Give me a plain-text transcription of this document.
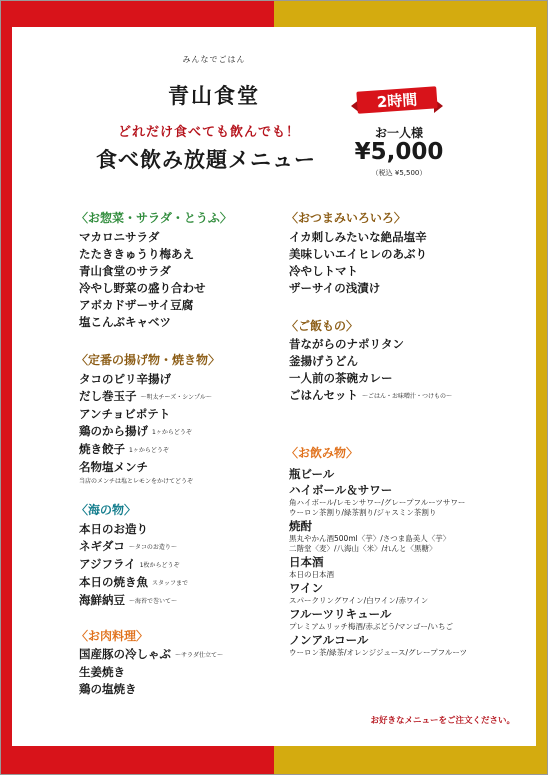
みんなでごはん
青山食堂
どれだけ食べても飲んでも！
食べ飲み放題メニュー
2時間
お一人様
¥5,000
（税込 ¥5,500）
〈お惣菜・サラダ・とうふ〉
マカロニサラダ
たたききゅうり梅あえ
青山食堂のサラダ
冷やし野菜の盛り合わせ
アボカドザーサイ豆腐
塩こんぶキャベツ
〈定番の揚げ物・焼き物〉
タコのピリ辛揚げ
だし巻玉子 〜明太チーズ・シンプル〜
アンチョビポテト
鶏のから揚げ 1ヶからどうぞ
焼き餃子 1ヶからどうぞ
名物塩メンチ
当店のメンチは塩とレモンをかけてどうぞ
〈海の物〉
本日のお造り
ネギダコ 〜タコのお造り〜
アジフライ 1枚からどうぞ
本日の焼き魚 スタッフまで
海鮮納豆 〜海苔で巻いて〜
〈お肉料理〉
国産豚の冷しゃぶ 〜サラダ仕立て〜
生姜焼き
鶏の塩焼き
〈おつまみいろいろ〉
イカ刺しみたいな絶品塩辛
美味しいエイヒレのあぶり
冷やしトマト
ザーサイの浅漬け
〈ご飯もの〉
昔ながらのナポリタン
釜揚げうどん
一人前の茶碗カレー
ごはんセット 〜ごはん・お味噌汁・つけもの〜
〈お飲み物〉
瓶ビール
ハイボール＆サワー
角ハイボール/レモンサワー/グレープフルーツサワー
ウーロン茶割り/緑茶割り/ジャスミン茶割り
焼酎
黒丸やかん酒500ml〈芋〉/さつま島美人〈芋〉
二階堂〈麦〉/八海山〈米〉/れんと〈黒糖〉
日本酒
本日の日本酒
ワイン
スパークリングワイン/白ワイン/赤ワイン
フルーツリキュール
プレミアムリッチ梅酒/赤ぶどう/マンゴー/いちご
ノンアルコール
ウーロン茶/緑茶/オレンジジュース/グレープフルーツ
お好きなメニューをご注文ください。
